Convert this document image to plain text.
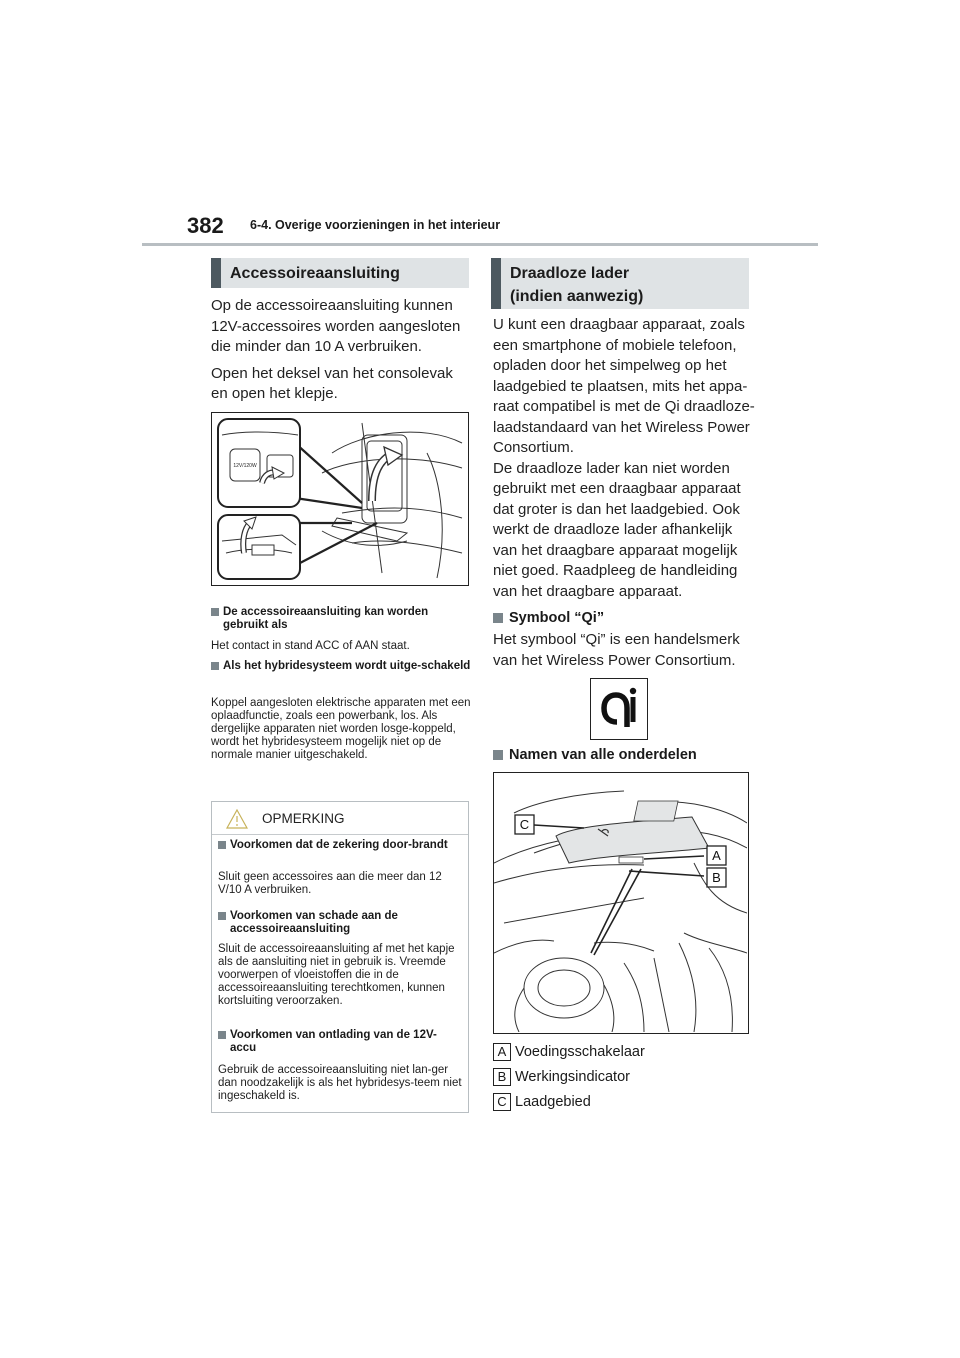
382 6-4. Overige voorzieningen in het interieur
Accessoireaansluiting

Op de accessoireaansluiting kunnen 12V-accessoires worden aangesloten die minder dan 10 A verbruiken.

Open het deksel van het consolevak en open het klepje.

12V/120W
De accessoireaansluiting kan worden gebruikt als
Het contact in stand ACC of AAN staat.
Als het hybridesysteem wordt uitge-schakeld
Koppel aangesloten elektrische apparaten met een oplaadfunctie, zoals een powerbank, los. Als dergelijke apparaten niet worden losge-koppeld, wordt het hybridesysteem mogelijk niet op de normale manier uitgeschakeld.
OPMERKING
Voorkomen dat de zekering door-brandt
Sluit geen accessoires aan die meer dan 12 V/10 A verbruiken.
Voorkomen van schade aan de accessoireaansluiting
Sluit de accessoireaansluiting af met het kapje als de aansluiting niet in gebruik is. Vreemde voorwerpen of vloeistoffen die in de accessoireaansluiting terechtkomen, kunnen kortsluiting veroorzaken.
Voorkomen van ontlading van de 12V-accu
Gebruik de accessoireaansluiting niet lan-ger dan noodzakelijk is als het hybridesys-teem niet ingeschakeld is.
Draadloze lader
(indien aanwezig)
U kunt een draagbaar apparaat, zoals een smartphone of mobiele telefoon, opladen door het simpelweg op het laadgebied te plaatsen, mits het appa-raat compatibel is met de Qi draadloze-laadstandaard van het Wireless Power Consortium.
De draadloze lader kan niet worden gebruikt met een draagbaar apparaat dat groter is dan het laadgebied. Ook werkt de draadloze lader afhankelijk van het draagbare apparaat mogelijk niet goed. Raadpleeg de handleiding van het draagbare apparaat.
Symbool “Qi”
Het symbool “Qi” is een handelsmerk van het Wireless Power Consortium.
Namen van alle onderdelen
C
A
B
A Voedingsschakelaar
B Werkingsindicator
C Laadgebied
